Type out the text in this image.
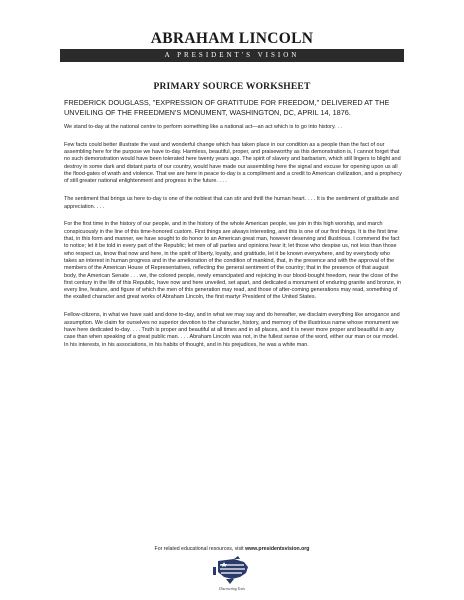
ABRAHAM LINCOLN
A PRESIDENT'S VISION
PRIMARY SOURCE WORKSHEET
FREDERICK DOUGLASS, "EXPRESSION OF GRATITUDE FOR FREEDOM," DELIVERED AT THE UNVEILING OF THE FREEDMEN'S MONUMENT, WASHINGTON, DC, APRIL 14, 1876.

We stand to-day at the national centre to perform something like a national act—an act which is to go into history. . .

Few facts could better illustrate the vast and wonderful change which has taken place in our condition as a people than the fact of our assembling here for the purpose we have to-day. Harmless, beautiful, proper, and praiseworthy as this demonstration is, I cannot forget that no such demonstration would have been tolerated here twenty years ago. The spirit of slavery and barbarism, which still lingers to blight and destroy in some dark and distant parts of our country, would have made our assembling here the signal and excuse for opening upon us all the flood-gates of wrath and violence. That we are here in peace to-day is a compliment and a credit to American civilization, and a prophecy of still greater national enlightenment and progress in the future. . . .

The sentiment that brings us here to-day is one of the noblest that can stir and thrill the human heart. . . . It is the sentiment of gratitude and appreciation. . . .

For the first time in the history of our people, and in the history of the whole American people, we join in this high worship, and march conspicuously in the line of this time-honored custom. First things are always interesting, and this is one of our first things. It is the first time that, in this form and manner, we have sought to do honor to an American great man, however deserving and illustrious. I commend the fact to notice; let it be told in every part of the Republic; let men of all parties and opinions hear it; let those who despise us, not less than those who respect us, know that now and here, in the spirit of liberty, loyalty, and gratitude, let it be known everywhere, and by everybody who takes an interest in human progress and in the amelioration of the condition of mankind, that, in the presence and with the approval of the members of the American House of Representatives, reflecting the general sentiment of the country; that in the presence of that august body, the American Senate . . . we, the colored people, newly emancipated and rejoicing in our blood-bought freedom, near the close of the first century in the life of this Republic, have now and here unveiled, set apart, and dedicated a monument of enduring granite and bronze, in every line, feature, and figure of which the men of this generation may read, and those of after-coming generations may read, something of the exalted character and great works of Abraham Lincoln, the first martyr President of the United States.

Fellow-citizens, in what we have said and done to-day, and in what we may say and do hereafter, we disclaim everything like arrogance and assumption. We claim for ourselves no superior devotion to the character, history, and memory of the illustrious name whose monument we have here dedicated to-day. . . . Truth is proper and beautiful at all times and in all places, and it is never more proper and beautiful in any case than when speaking of a great public man. . . . Abraham Lincoln was not, in the fullest sense of the word, either our man or our model. In his interests, in his associations, in his habits of thought, and in his prejudices, he was a white man.

For related educational resources, visit www.presidentsvision.org
Discovering Texts
